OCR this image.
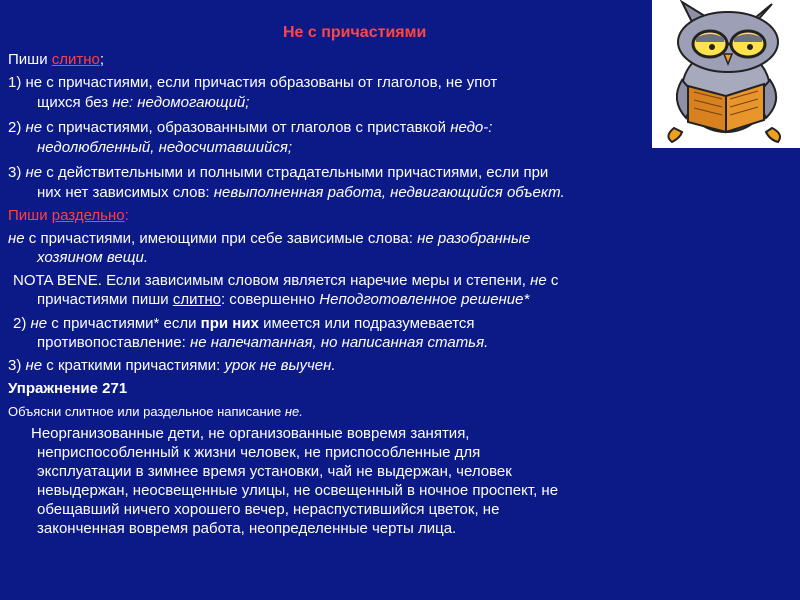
Не с причастиями
Пиши слитно;
1) не с причастиями, если причастия образованы от глаголов, не упот
щихся без не: недомогающий;
2) не с причастиями, образованными от глаголов с приставкой недо-:
недолюбленный, недосчитавшийся;
3) не с действительными и полными страдательными причастиями, если при
них нет зависимых слов: невыполненная работа, недвигающийся объект.
Пиши раздельно:
не с причастиями, имеющими при себе зависимые слова: не разобранные
хозяином вещи.
NOTA BENE. Если зависимым словом является наречие меры и степени, не с
причастиями пиши слитно: совершенно Неподготовленное решение*
2) не с причастиями* если при них имеется или подразумевается
противопоставление: не напечатанная, но написанная статья.
3) не с краткими причастиями: урок не выучен.
Упражнение 271
Объясни слитное или раздельное написание не.
Неорганизованные дети, не организованные вовремя занятия,
неприспособленный к жизни человек, не приспособленные для
эксплуатации в зимнее время установки, чай не выдержан, человек
невыдержан, неосвещенные улицы, не освещенный в ночное проспект, не
обещавший ничего хорошего вечер, нераспустившийся цветок, не
законченная вовремя работа, неопределенные черты лица.
